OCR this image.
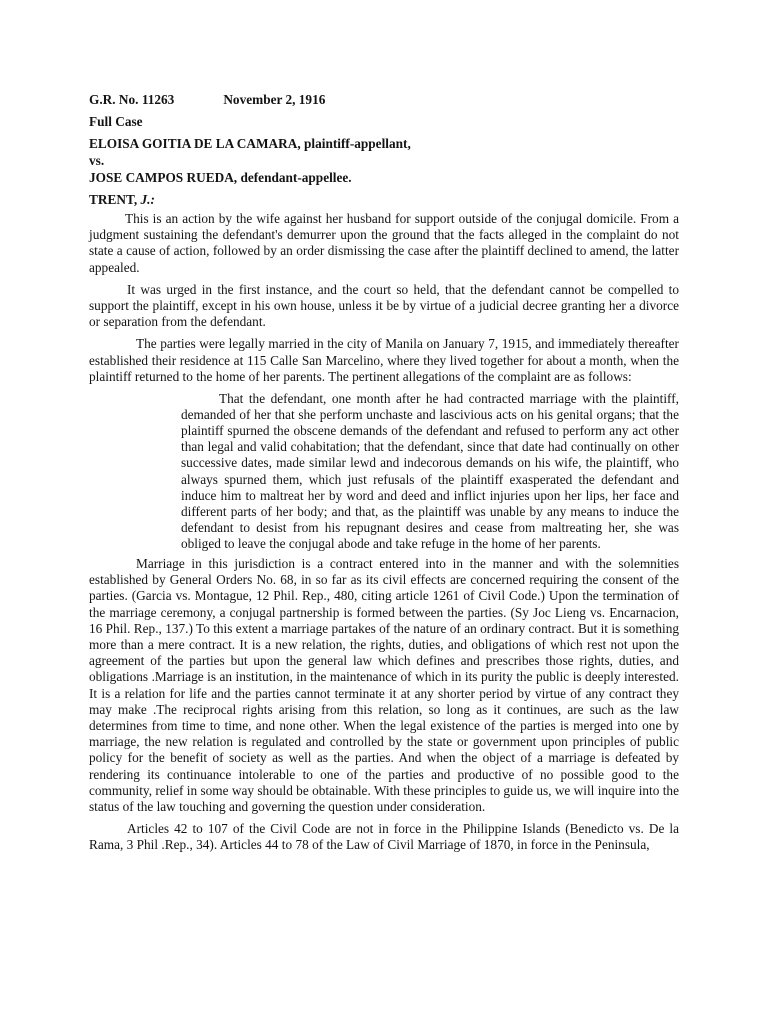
G.R. No. 11263	November 2, 1916
Full Case
ELOISA GOITIA DE LA CAMARA, plaintiff-appellant,
vs.
JOSE CAMPOS RUEDA, defendant-appellee.
TRENT, J.:

This is an action by the wife against her husband for support outside of the conjugal domicile. From a judgment sustaining the defendant's demurrer upon the ground that the facts alleged in the complaint do not state a cause of action, followed by an order dismissing the case after the plaintiff declined to amend, the latter appealed.

It was urged in the first instance, and the court so held, that the defendant cannot be compelled to support the plaintiff, except in his own house, unless it be by virtue of a judicial decree granting her a divorce or separation from the defendant.

The parties were legally married in the city of Manila on January 7, 1915, and immediately thereafter established their residence at 115 Calle San Marcelino, where they lived together for about a month, when the plaintiff returned to the home of her parents. The pertinent allegations of the complaint are as follows:

That the defendant, one month after he had contracted marriage with the plaintiff, demanded of her that she perform unchaste and lascivious acts on his genital organs; that the plaintiff spurned the obscene demands of the defendant and refused to perform any act other than legal and valid cohabitation; that the defendant, since that date had continually on other successive dates, made similar lewd and indecorous demands on his wife, the plaintiff, who always spurned them, which just refusals of the plaintiff exasperated the defendant and induce him to maltreat her by word and deed and inflict injuries upon her lips, her face and different parts of her body; and that, as the plaintiff was unable by any means to induce the defendant to desist from his repugnant desires and cease from maltreating her, she was obliged to leave the conjugal abode and take refuge in the home of her parents.

Marriage in this jurisdiction is a contract entered into in the manner and with the solemnities established by General Orders No. 68, in so far as its civil effects are concerned requiring the consent of the parties. (Garcia vs. Montague, 12 Phil. Rep., 480, citing article 1261 of Civil Code.) Upon the termination of the marriage ceremony, a conjugal partnership is formed between the parties. (Sy Joc Lieng vs. Encarnacion, 16 Phil. Rep., 137.) To this extent a marriage partakes of the nature of an ordinary contract. But it is something more than a mere contract. It is a new relation, the rights, duties, and obligations of which rest not upon the agreement of the parties but upon the general law which defines and prescribes those rights, duties, and obligations .Marriage is an institution, in the maintenance of which in its purity the public is deeply interested. It is a relation for life and the parties cannot terminate it at any shorter period by virtue of any contract they may make .The reciprocal rights arising from this relation, so long as it continues, are such as the law determines from time to time, and none other. When the legal existence of the parties is merged into one by marriage, the new relation is regulated and controlled by the state or government upon principles of public policy for the benefit of society as well as the parties. And when the object of a marriage is defeated by rendering its continuance intolerable to one of the parties and productive of no possible good to the community, relief in some way should be obtainable. With these principles to guide us, we will inquire into the status of the law touching and governing the question under consideration.

Articles 42 to 107 of the Civil Code are not in force in the Philippine Islands (Benedicto vs. De la Rama, 3 Phil .Rep., 34). Articles 44 to 78 of the Law of Civil Marriage of 1870, in force in the Peninsula,
